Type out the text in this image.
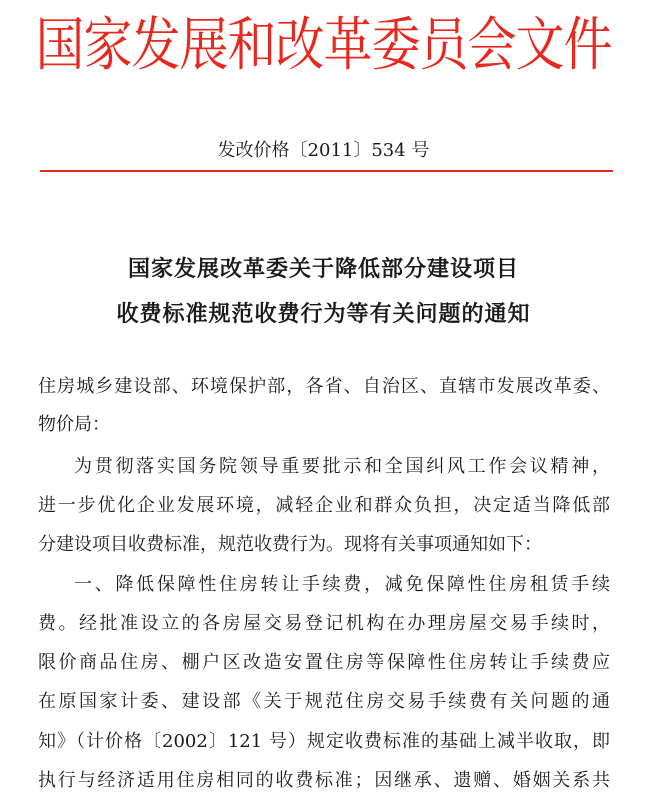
国家发展和改革委员会文件
发改价格〔2011〕534 号
国家发展改革委关于降低部分建设项目
收费标准规范收费行为等有关问题的通知
住房城乡建设部、环境保护部，各省、自治区、直辖市发展改革委、
物价局：
为贯彻落实国务院领导重要批示和全国纠风工作会议精神，
进一步优化企业发展环境，减轻企业和群众负担，决定适当降低部
分建设项目收费标准，规范收费行为。现将有关事项通知如下：
一、降低保障性住房转让手续费，减免保障性住房租赁手续
费。经批准设立的各房屋交易登记机构在办理房屋交易手续时，
限价商品住房、棚户区改造安置住房等保障性住房转让手续费应
在原国家计委、建设部《关于规范住房交易手续费有关问题的通
知》（计价格〔2002〕121 号）规定收费标准的基础上减半收取，即
执行与经济适用住房相同的收费标准；因继承、遗赠、婚姻关系共
